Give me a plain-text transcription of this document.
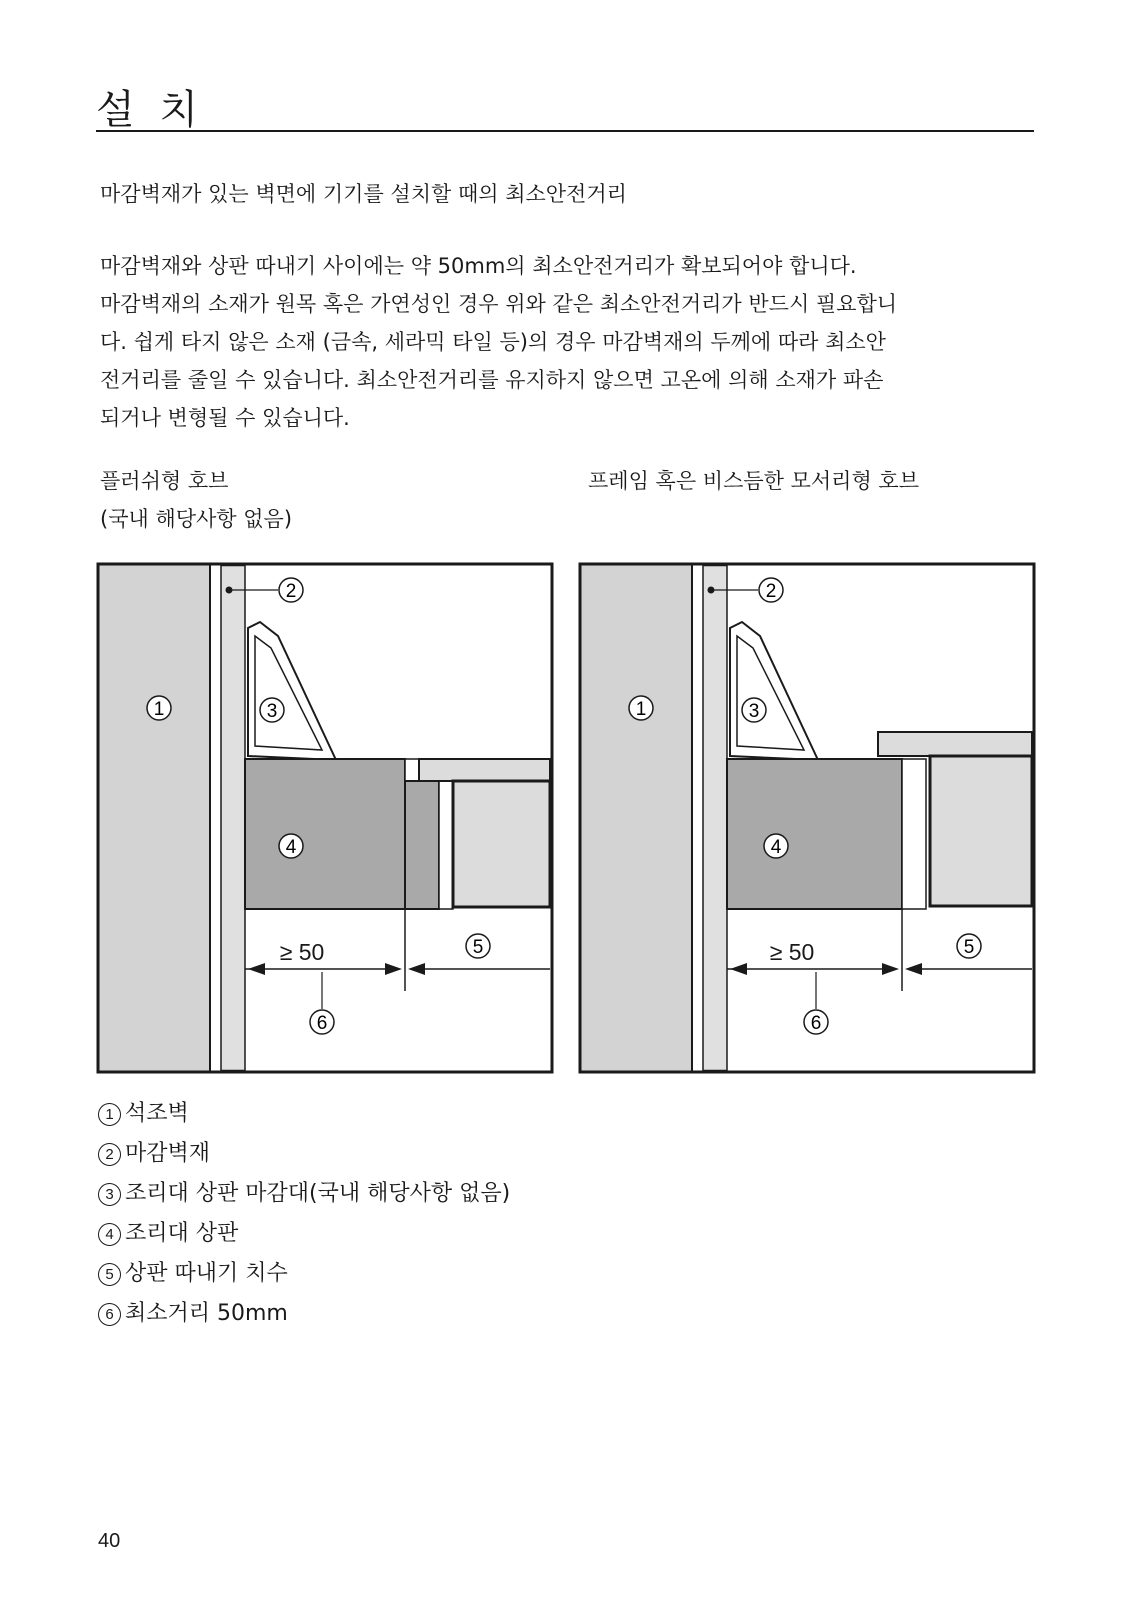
설 치
마감벽재가 있는 벽면에 기기를 설치할 때의 최소안전거리
마감벽재와 상판 따내기 사이에는 약 50mm의 최소안전거리가 확보되어야 합니다.
마감벽재의 소재가 원목 혹은 가연성인 경우 위와 같은 최소안전거리가 반드시 필요합니
다. 쉽게 타지 않은 소재 (금속, 세라믹 타일 등)의 경우 마감벽재의 두께에 따라 최소안
전거리를 줄일 수 있습니다. 최소안전거리를 유지하지 않으면 고온에 의해 소재가 파손
되거나 변형될 수 있습니다.
플러쉬형 호브
(국내 해당사항 없음)
프레임 혹은 비스듬한 모서리형 호브
≥ 50
2
1	3
4
5
6
≥ 50
2
1	3
4
5
6
1 석조벽
2 마감벽재
3 조리대 상판 마감대(국내 해당사항 없음)
4 조리대 상판
5 상판 따내기 치수
6 최소거리 50mm
40
